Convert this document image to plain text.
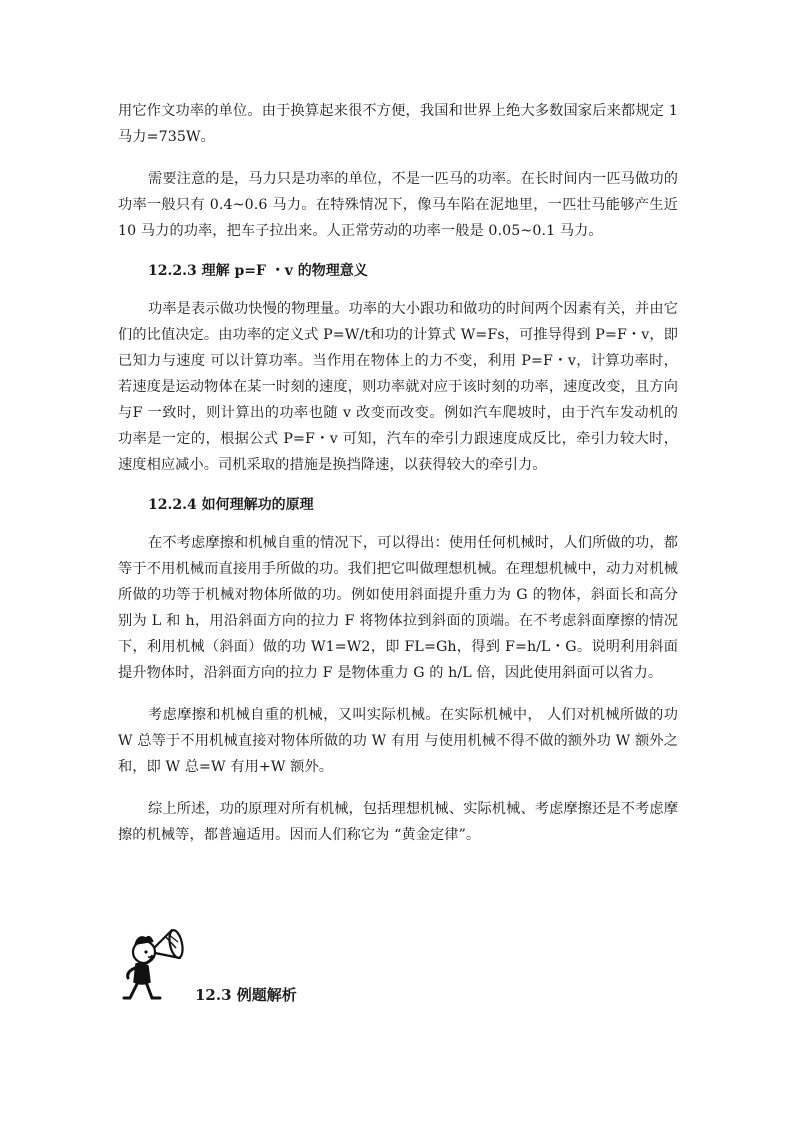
用它作文功率的单位。由于换算起来很不方便，我国和世界上绝大多数国家后来都规定 1 马力=735W。

需要注意的是，马力只是功率的单位，不是一匹马的功率。在长时间内一匹马做功的功率一般只有 0.4~0.6 马力。在特殊情况下，像马车陷在泥地里，一匹壮马能够产生近 10 马力的功率，把车子拉出来。人正常劳动的功率一般是 0.05~0.1 马力。

12.2.3 理解 p=F ・v 的物理意义

功率是表示做功快慢的物理量。功率的大小跟功和做功的时间两个因素有关，并由它们的比值决定。由功率的定义式 P=W/t和功的计算式 W=Fs，可推导得到 P=F・v，即已知力与速度 可以计算功率。当作用在物体上的力不变，利用 P=F・v，计算功率时，若速度是运动物体在某一时刻的速度，则功率就对应于该时刻的功率，速度改变，且方向与F 一致时，则计算出的功率也随 v 改变而改变。例如汽车爬坡时，由于汽车发动机的功率是一定的，根据公式 P=F・v 可知，汽车的牵引力跟速度成反比，牵引力较大时，速度相应减小。司机采取的措施是换挡降速，以获得较大的牵引力。

12.2.4 如何理解功的原理

在不考虑摩擦和机械自重的情况下，可以得出：使用任何机械时，人们所做的功，都等于不用机械而直接用手所做的功。我们把它叫做理想机械。在理想机械中，动力对机械所做的功等于机械对物体所做的功。例如使用斜面提升重力为 G 的物体，斜面长和高分别为 L 和 h，用沿斜面方向的拉力 F 将物体拉到斜面的顶端。在不考虑斜面摩擦的情况下，利用机械（斜面）做的功 W1=W2，即 FL=Gh，得到 F=h/L・G。说明利用斜面提升物体时，沿斜面方向的拉力 F 是物体重力 G 的 h/L 倍，因此使用斜面可以省力。

考虑摩擦和机械自重的机械，又叫实际机械。在实际机械中， 人们对机械所做的功 W 总等于不用机械直接对物体所做的功 W 有用 与使用机械不得不做的额外功 W 额外之和，即 W 总=W 有用+W 额外。

综上所述，功的原理对所有机械，包括理想机械、实际机械、考虑摩擦还是不考虑摩擦的机械等，都普遍适用。因而人们称它为 “黄金定律”。

12.3 例题解析
